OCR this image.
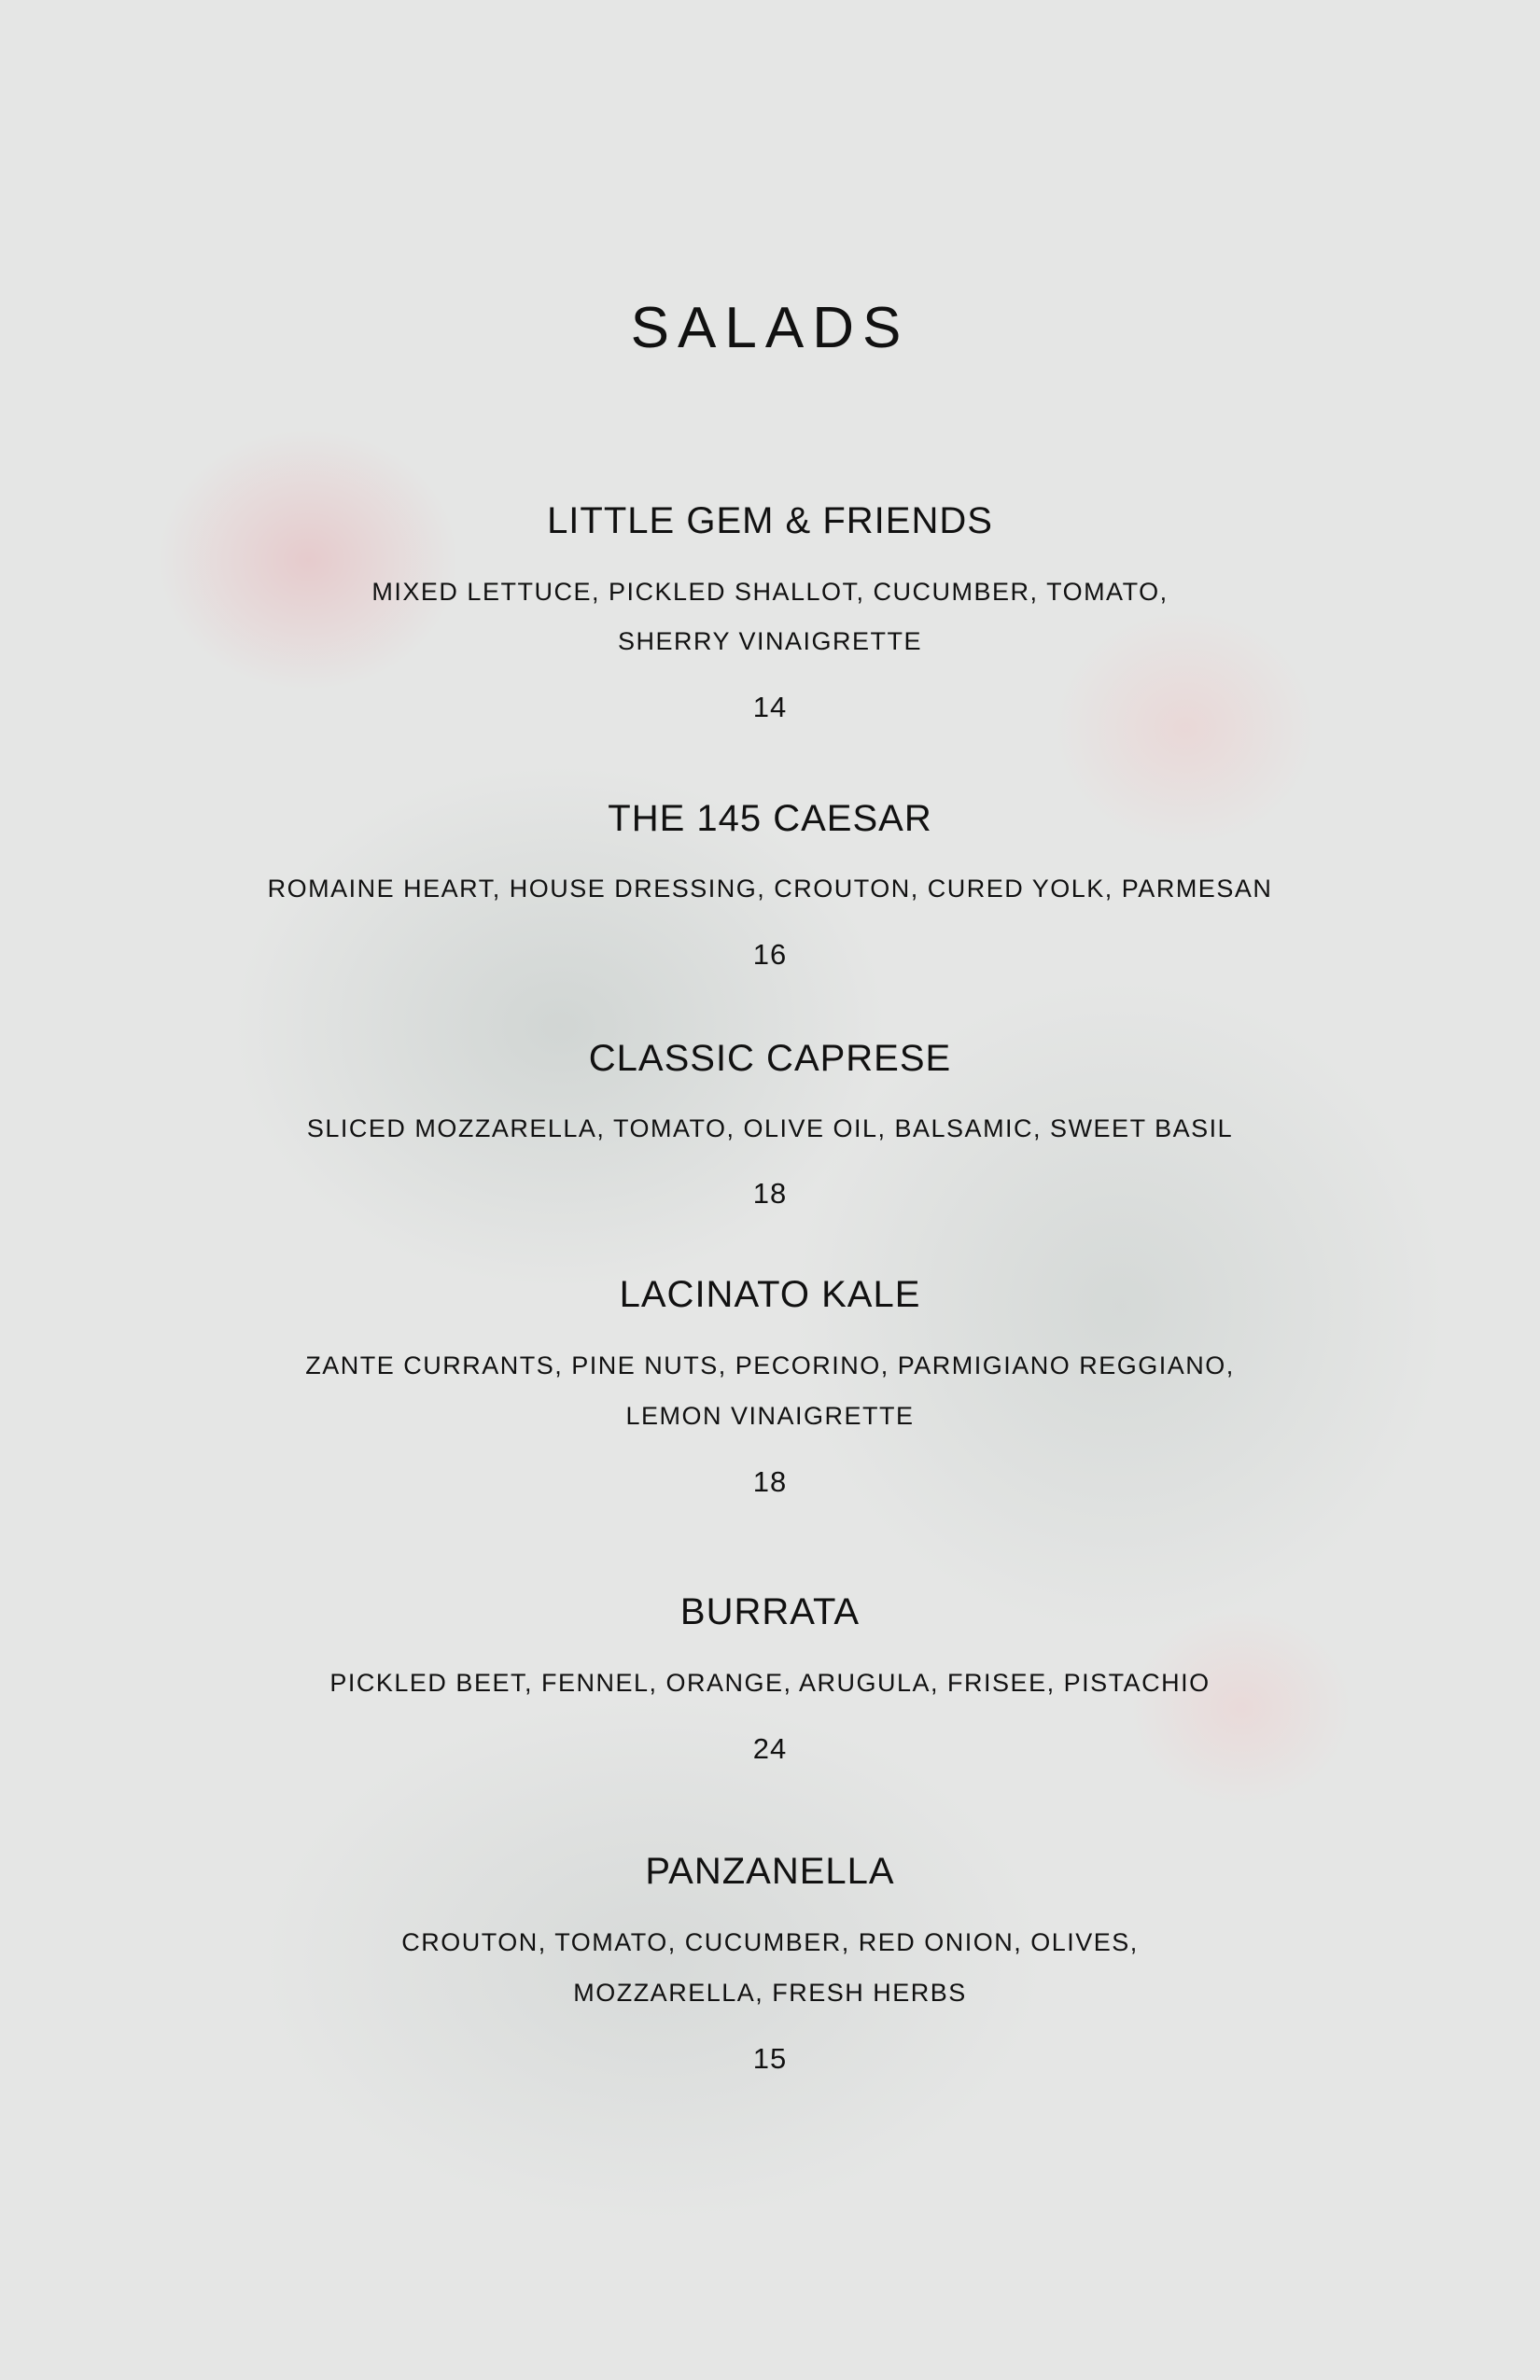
SALADS
LITTLE GEM & FRIENDS
MIXED LETTUCE, PICKLED SHALLOT, CUCUMBER, TOMATO,
SHERRY VINAIGRETTE
14
THE 145 CAESAR
ROMAINE HEART, HOUSE DRESSING, CROUTON, CURED YOLK, PARMESAN
16
CLASSIC CAPRESE
SLICED MOZZARELLA, TOMATO, OLIVE OIL, BALSAMIC, SWEET BASIL
18
LACINATO KALE
ZANTE CURRANTS, PINE NUTS, PECORINO, PARMIGIANO REGGIANO,
LEMON VINAIGRETTE
18
BURRATA
PICKLED BEET, FENNEL, ORANGE, ARUGULA, FRISEE, PISTACHIO
24
PANZANELLA
CROUTON, TOMATO, CUCUMBER, RED ONION, OLIVES,
MOZZARELLA, FRESH HERBS
15
